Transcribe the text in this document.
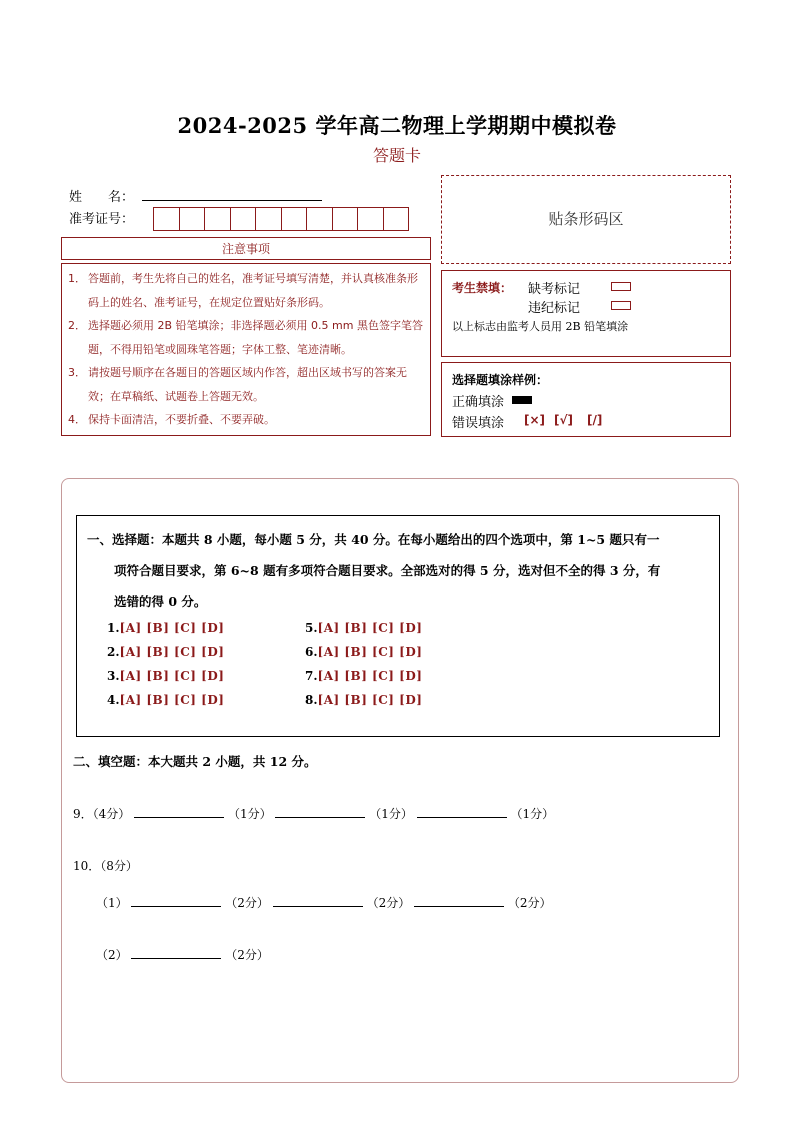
2024-2025 学年高二物理上学期期中模拟卷
答题卡
姓　　名：
准考证号：
注意事项
1． 答题前，考生先将自己的姓名，准考证号填写清楚，并认真核准条形码上的姓名、准考证号，在规定位置贴好条形码。
2． 选择题必须用 2B 铅笔填涂；非选择题必须用 0.5 mm 黑色签字笔答题，不得用铅笔或圆珠笔答题；字体工整、笔迹清晰。
3． 请按题号顺序在各题目的答题区域内作答，超出区域书写的答案无效；在草稿纸、试题卷上答题无效。
4． 保持卡面清洁，不要折叠、不要弄破。
贴条形码区
考生禁填： 缺考标记
违纪标记
以上标志由监考人员用 2B 铅笔填涂
选择题填涂样例：
正确填涂
错误填涂 [×] [√] [/]
一、选择题：本题共 8 小题，每小题 5 分，共 40 分。在每小题给出的四个选项中，第 1~5 题只有一
项符合题目要求，第 6~8 题有多项符合题目要求。全部选对的得 5 分，选对但不全的得 3 分，有
选错的得 0 分。
1.[A] [B] [C] [D]
2.[A] [B] [C] [D]
3.[A] [B] [C] [D]
4.[A] [B] [C] [D]
5.[A] [B] [C] [D]
6.[A] [B] [C] [D]
7.[A] [B] [C] [D]
8.[A] [B] [C] [D]
二、填空题：本大题共 2 小题，共 12 分。
9．（4分）	（1分）	（1分）	（1分）
10．（8分）
（1）	（2分）	（2分）	（2分）
（2）	（2分）
